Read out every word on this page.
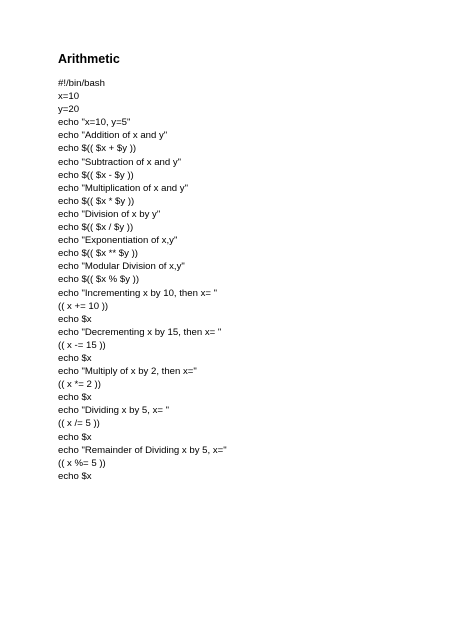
Arithmetic
#!/bin/bash
x=10
y=20
echo "x=10, y=5"
echo "Addition of x and y"
echo $(( $x + $y ))
echo "Subtraction of x and y"
echo $(( $x - $y ))
echo "Multiplication of x and y"
echo $(( $x * $y ))
echo "Division of x by y"
echo $(( $x / $y ))
echo "Exponentiation of x,y"
echo $(( $x ** $y ))
echo "Modular Division of x,y"
echo $(( $x % $y ))
echo "Incrementing x by 10, then x= "
(( x += 10 ))
echo $x
echo "Decrementing x by 15, then x= "
(( x -= 15 ))
echo $x
echo "Multiply of x by 2, then x="
(( x *= 2 ))
echo $x
echo "Dividing x by 5, x= "
(( x /= 5 ))
echo $x
echo "Remainder of Dividing x by 5, x="
(( x %= 5 ))
echo $x
